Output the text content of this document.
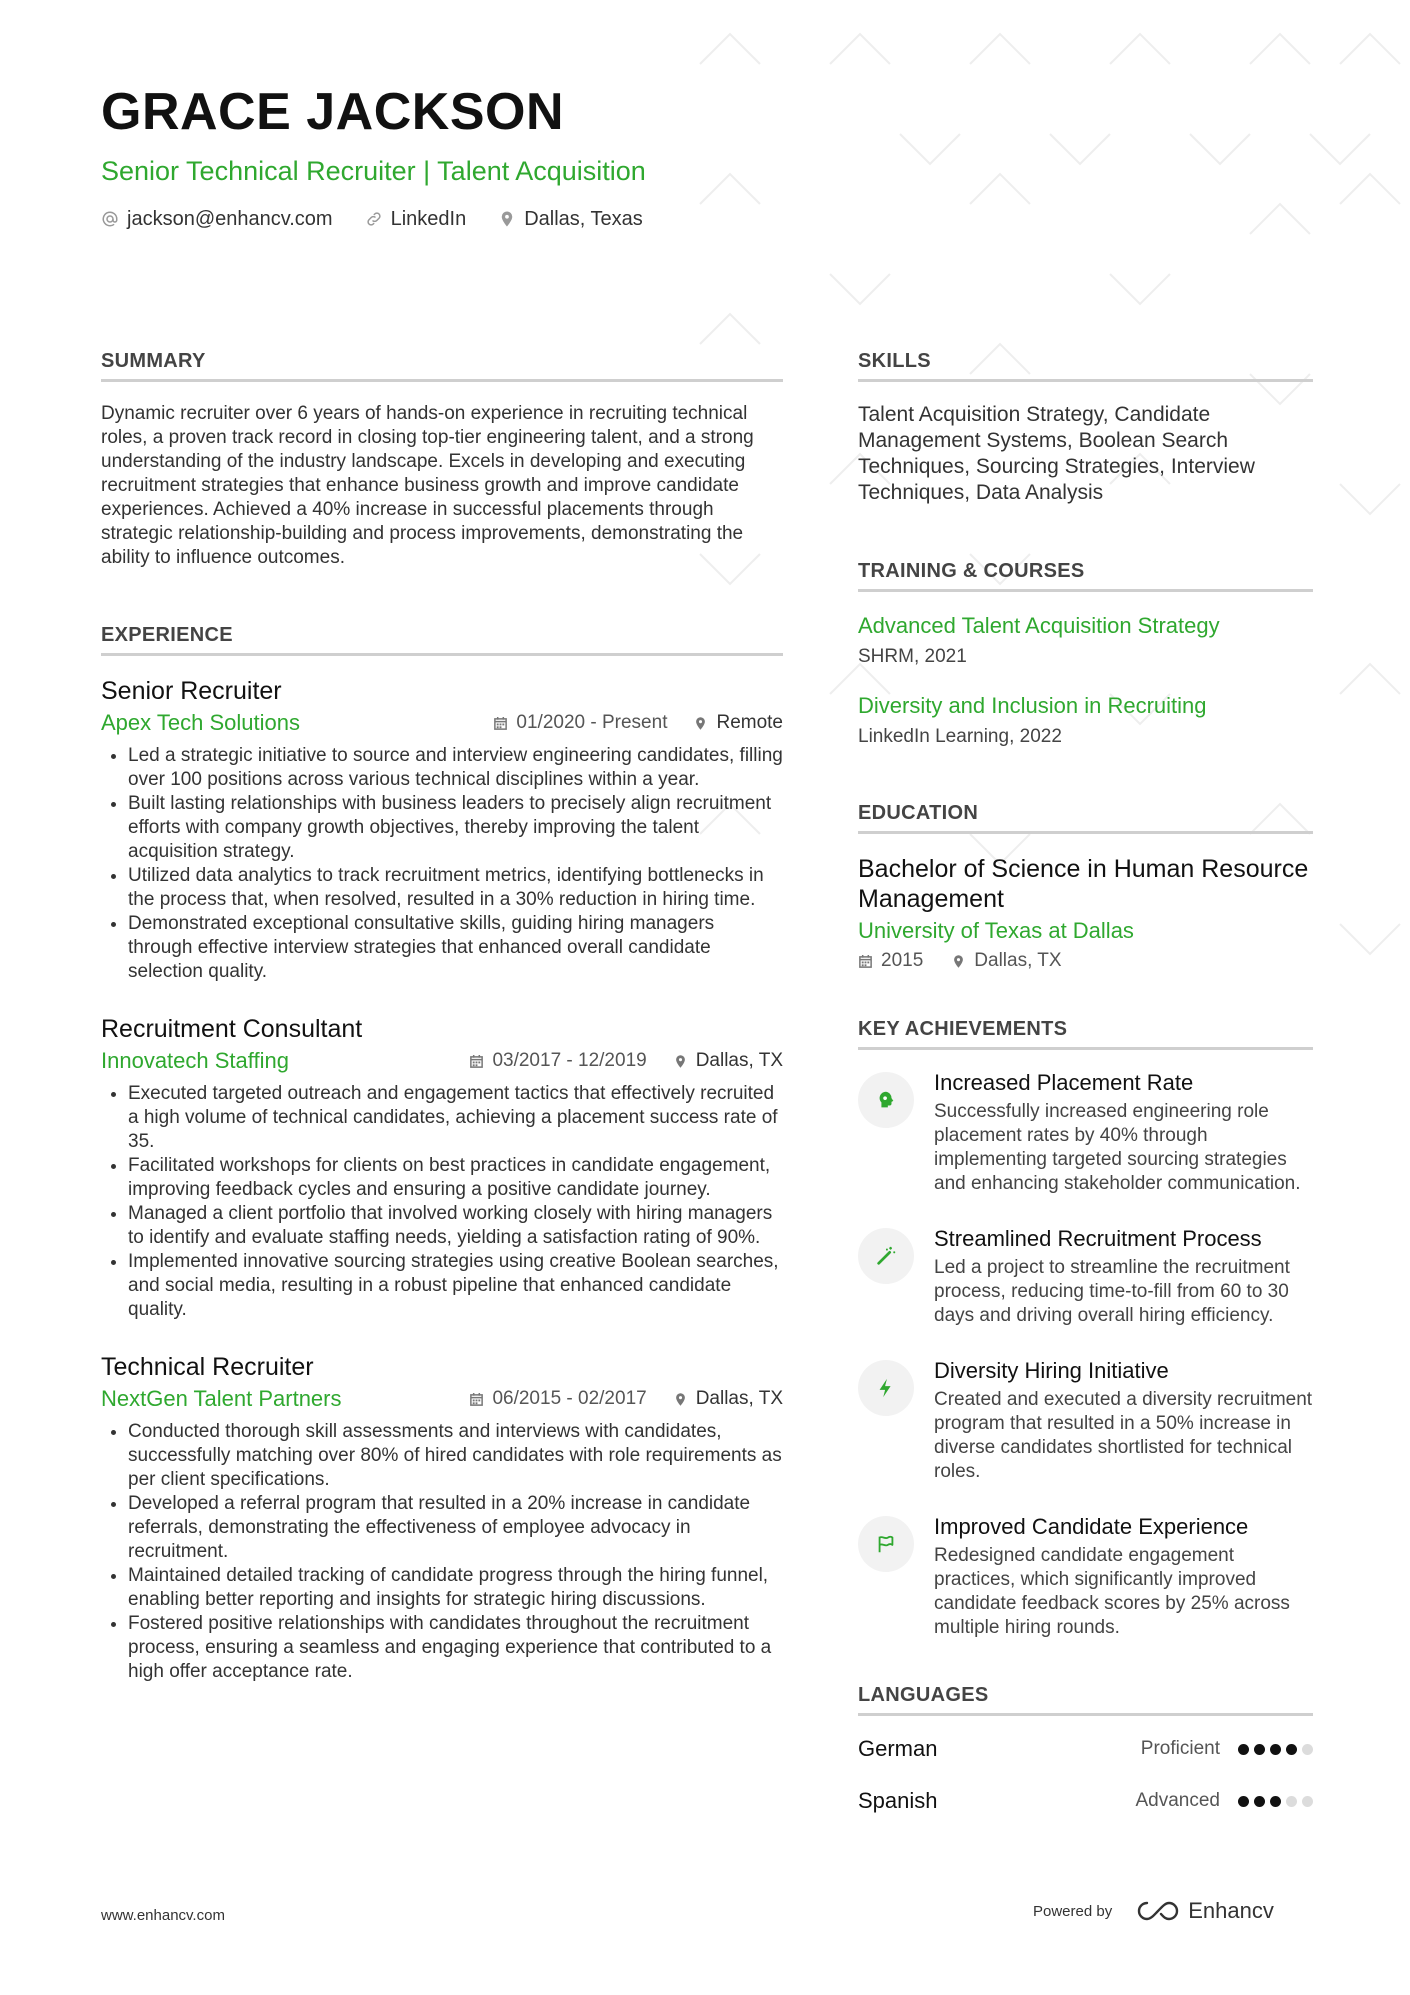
GRACE JACKSON
Senior Technical Recruiter | Talent Acquisition
jackson@enhancv.com	LinkedIn	Dallas, Texas
SUMMARY

Dynamic recruiter over 6 years of hands-on experience in recruiting technical roles, a proven track record in closing top-tier engineering talent, and a strong understanding of the industry landscape. Excels in developing and executing recruitment strategies that enhance business growth and improve candidate experiences. Achieved a 40% increase in successful placements through strategic relationship-building and process improvements, demonstrating the ability to influence outcomes.

EXPERIENCE
Senior Recruiter
Apex Tech Solutions	01/2020 - Present	Remote
• Led a strategic initiative to source and interview engineering candidates, filling over 100 positions across various technical disciplines within a year.
• Built lasting relationships with business leaders to precisely align recruitment efforts with company growth objectives, thereby improving the talent acquisition strategy.
• Utilized data analytics to track recruitment metrics, identifying bottlenecks in the process that, when resolved, resulted in a 30% reduction in hiring time.
• Demonstrated exceptional consultative skills, guiding hiring managers through effective interview strategies that enhanced overall candidate selection quality.
Recruitment Consultant
Innovatech Staffing	03/2017 - 12/2019	Dallas, TX
• Executed targeted outreach and engagement tactics that effectively recruited a high volume of technical candidates, achieving a placement success rate of 35.
• Facilitated workshops for clients on best practices in candidate engagement, improving feedback cycles and ensuring a positive candidate journey.
• Managed a client portfolio that involved working closely with hiring managers to identify and evaluate staffing needs, yielding a satisfaction rating of 90%.
• Implemented innovative sourcing strategies using creative Boolean searches, and social media, resulting in a robust pipeline that enhanced candidate quality.
Technical Recruiter
NextGen Talent Partners	06/2015 - 02/2017	Dallas, TX
• Conducted thorough skill assessments and interviews with candidates, successfully matching over 80% of hired candidates with role requirements as per client specifications.
• Developed a referral program that resulted in a 20% increase in candidate referrals, demonstrating the effectiveness of employee advocacy in recruitment.
• Maintained detailed tracking of candidate progress through the hiring funnel, enabling better reporting and insights for strategic hiring discussions.
• Fostered positive relationships with candidates throughout the recruitment process, ensuring a seamless and engaging experience that contributed to a high offer acceptance rate.
SKILLS

Talent Acquisition Strategy, Candidate Management Systems, Boolean Search Techniques, Sourcing Strategies, Interview Techniques, Data Analysis

TRAINING & COURSES
Advanced Talent Acquisition Strategy
SHRM, 2021
Diversity and Inclusion in Recruiting
LinkedIn Learning, 2022
EDUCATION
Bachelor of Science in Human Resource Management
University of Texas at Dallas
2015	Dallas, TX
KEY ACHIEVEMENTS
Increased Placement Rate
Successfully increased engineering role placement rates by 40% through implementing targeted sourcing strategies and enhancing stakeholder communication.
Streamlined Recruitment Process
Led a project to streamline the recruitment process, reducing time-to-fill from 60 to 30 days and driving overall hiring efficiency.
Diversity Hiring Initiative
Created and executed a diversity recruitment program that resulted in a 50% increase in diverse candidates shortlisted for technical roles.
Improved Candidate Experience
Redesigned candidate engagement practices, which significantly improved candidate feedback scores by 25% across multiple hiring rounds.
LANGUAGES
German	Proficient
Spanish	Advanced
www.enhancv.com	Powered by	Enhancv
